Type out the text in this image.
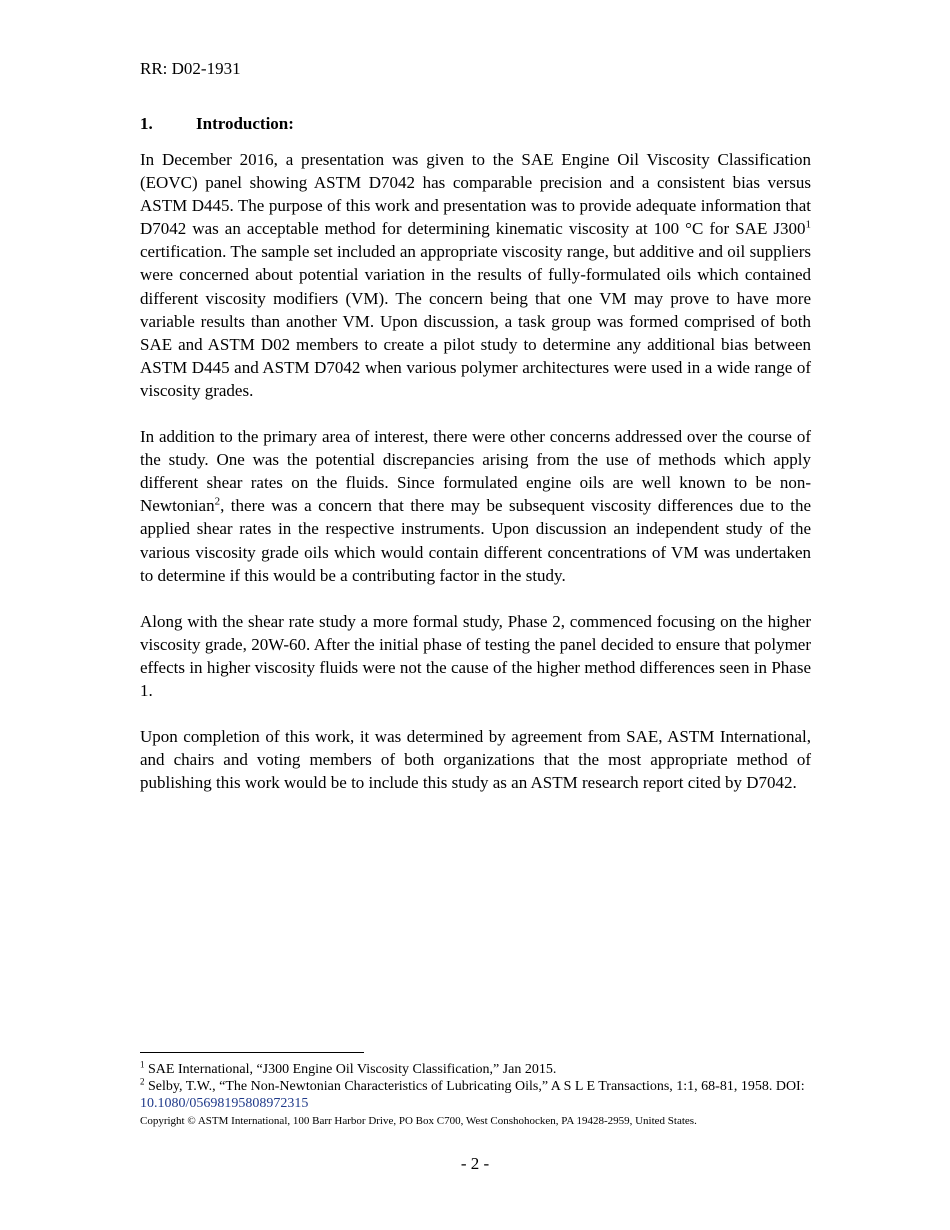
RR: D02-1931
1.	Introduction:

In December 2016, a presentation was given to the SAE Engine Oil Viscosity Classification (EOVC) panel showing ASTM D7042 has comparable precision and a consistent bias versus ASTM D445. The purpose of this work and presentation was to provide adequate information that D7042 was an acceptable method for determining kinematic viscosity at 100 °C for SAE $J300^1$ certification. The sample set included an appropriate viscosity range, but additive and oil suppliers were concerned about potential variation in the results of fully-formulated oils which contained different viscosity modifiers (VM). The concern being that one VM may prove to have more variable results than another VM. Upon discussion, a task group was formed comprised of both SAE and ASTM D02 members to create a pilot study to determine any additional bias between ASTM D445 and ASTM D7042 when various polymer architectures were used in a wide range of viscosity grades.

In addition to the primary area of interest, there were other concerns addressed over the course of the study. One was the potential discrepancies arising from the use of methods which apply different shear rates on the fluids. Since formulated engine oils are well known to be non-Newtonian$^2$, there was a concern that there may be subsequent viscosity differences due to the applied shear rates in the respective instruments. Upon discussion an independent study of the various viscosity grade oils which would contain different concentrations of VM was undertaken to determine if this would be a contributing factor in the study.

Along with the shear rate study a more formal study, Phase 2, commenced focusing on the higher viscosity grade, 20W-60. After the initial phase of testing the panel decided to ensure that polymer effects in higher viscosity fluids were not the cause of the higher method differences seen in Phase 1.

Upon completion of this work, it was determined by agreement from SAE, ASTM International, and chairs and voting members of both organizations that the most appropriate method of publishing this work would be to include this study as an ASTM research report cited by D7042.

$^1$ SAE International, “J300 Engine Oil Viscosity Classification,” Jan 2015.

$^2$ Selby, T.W., “The Non-Newtonian Characteristics of Lubricating Oils,” A S L E Transactions, 1:1, 68-81, 1958. DOI: 10.1080/05698195808972315

Copyright © ASTM International, 100 Barr Harbor Drive, PO Box C700, West Conshohocken, PA 19428-2959, United States.
- 2 -
